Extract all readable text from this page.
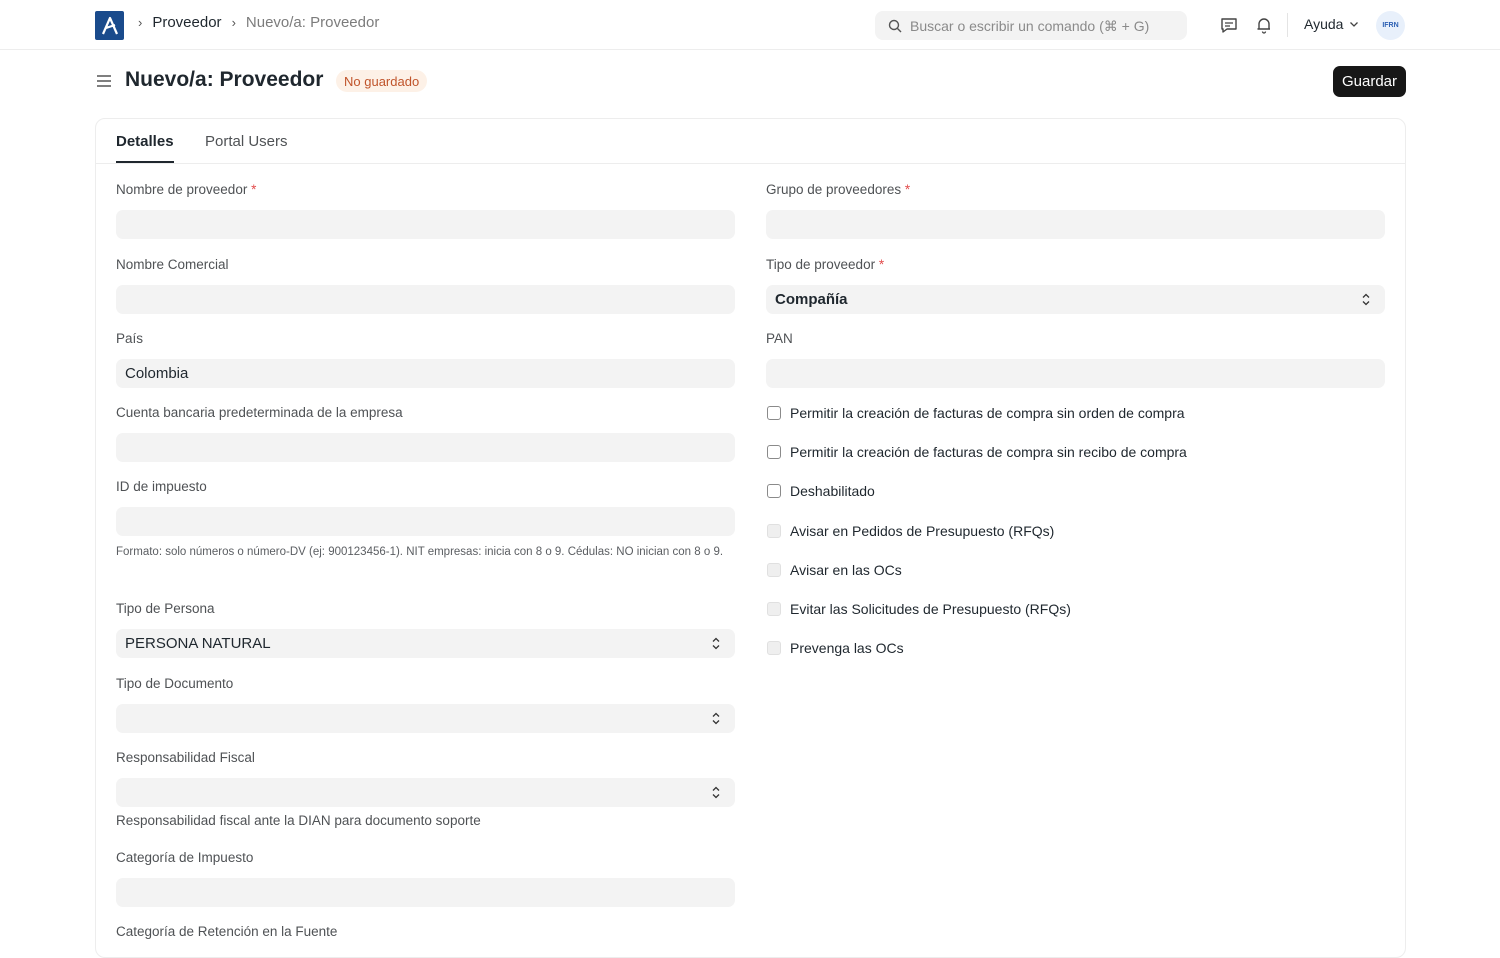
› Proveedor › Nuevo/a: Proveedor
Buscar o escribir un comando (⌘ + G)	Ayuda	IFRN
Nuevo/a: Proveedor	No guardado	Guardar
Detalles Portal Users
Nombre de proveedor *
Nombre Comercial
País
Colombia
Cuenta bancaria predeterminada de la empresa
ID de impuesto
Formato: solo números o número-DV (ej: 900123456-1). NIT empresas: inicia con 8 o 9. Cédulas: NO inician con 8 o 9.
Tipo de Persona
PERSONA NATURAL
Tipo de Documento
Responsabilidad Fiscal
Responsabilidad fiscal ante la DIAN para documento soporte
Categoría de Impuesto
Categoría de Retención en la Fuente
Grupo de proveedores *
Tipo de proveedor *
Compañía
PAN
Permitir la creación de facturas de compra sin orden de compra
Permitir la creación de facturas de compra sin recibo de compra
Deshabilitado
Avisar en Pedidos de Presupuesto (RFQs)
Avisar en las OCs
Evitar las Solicitudes de Presupuesto (RFQs)
Prevenga las OCs
